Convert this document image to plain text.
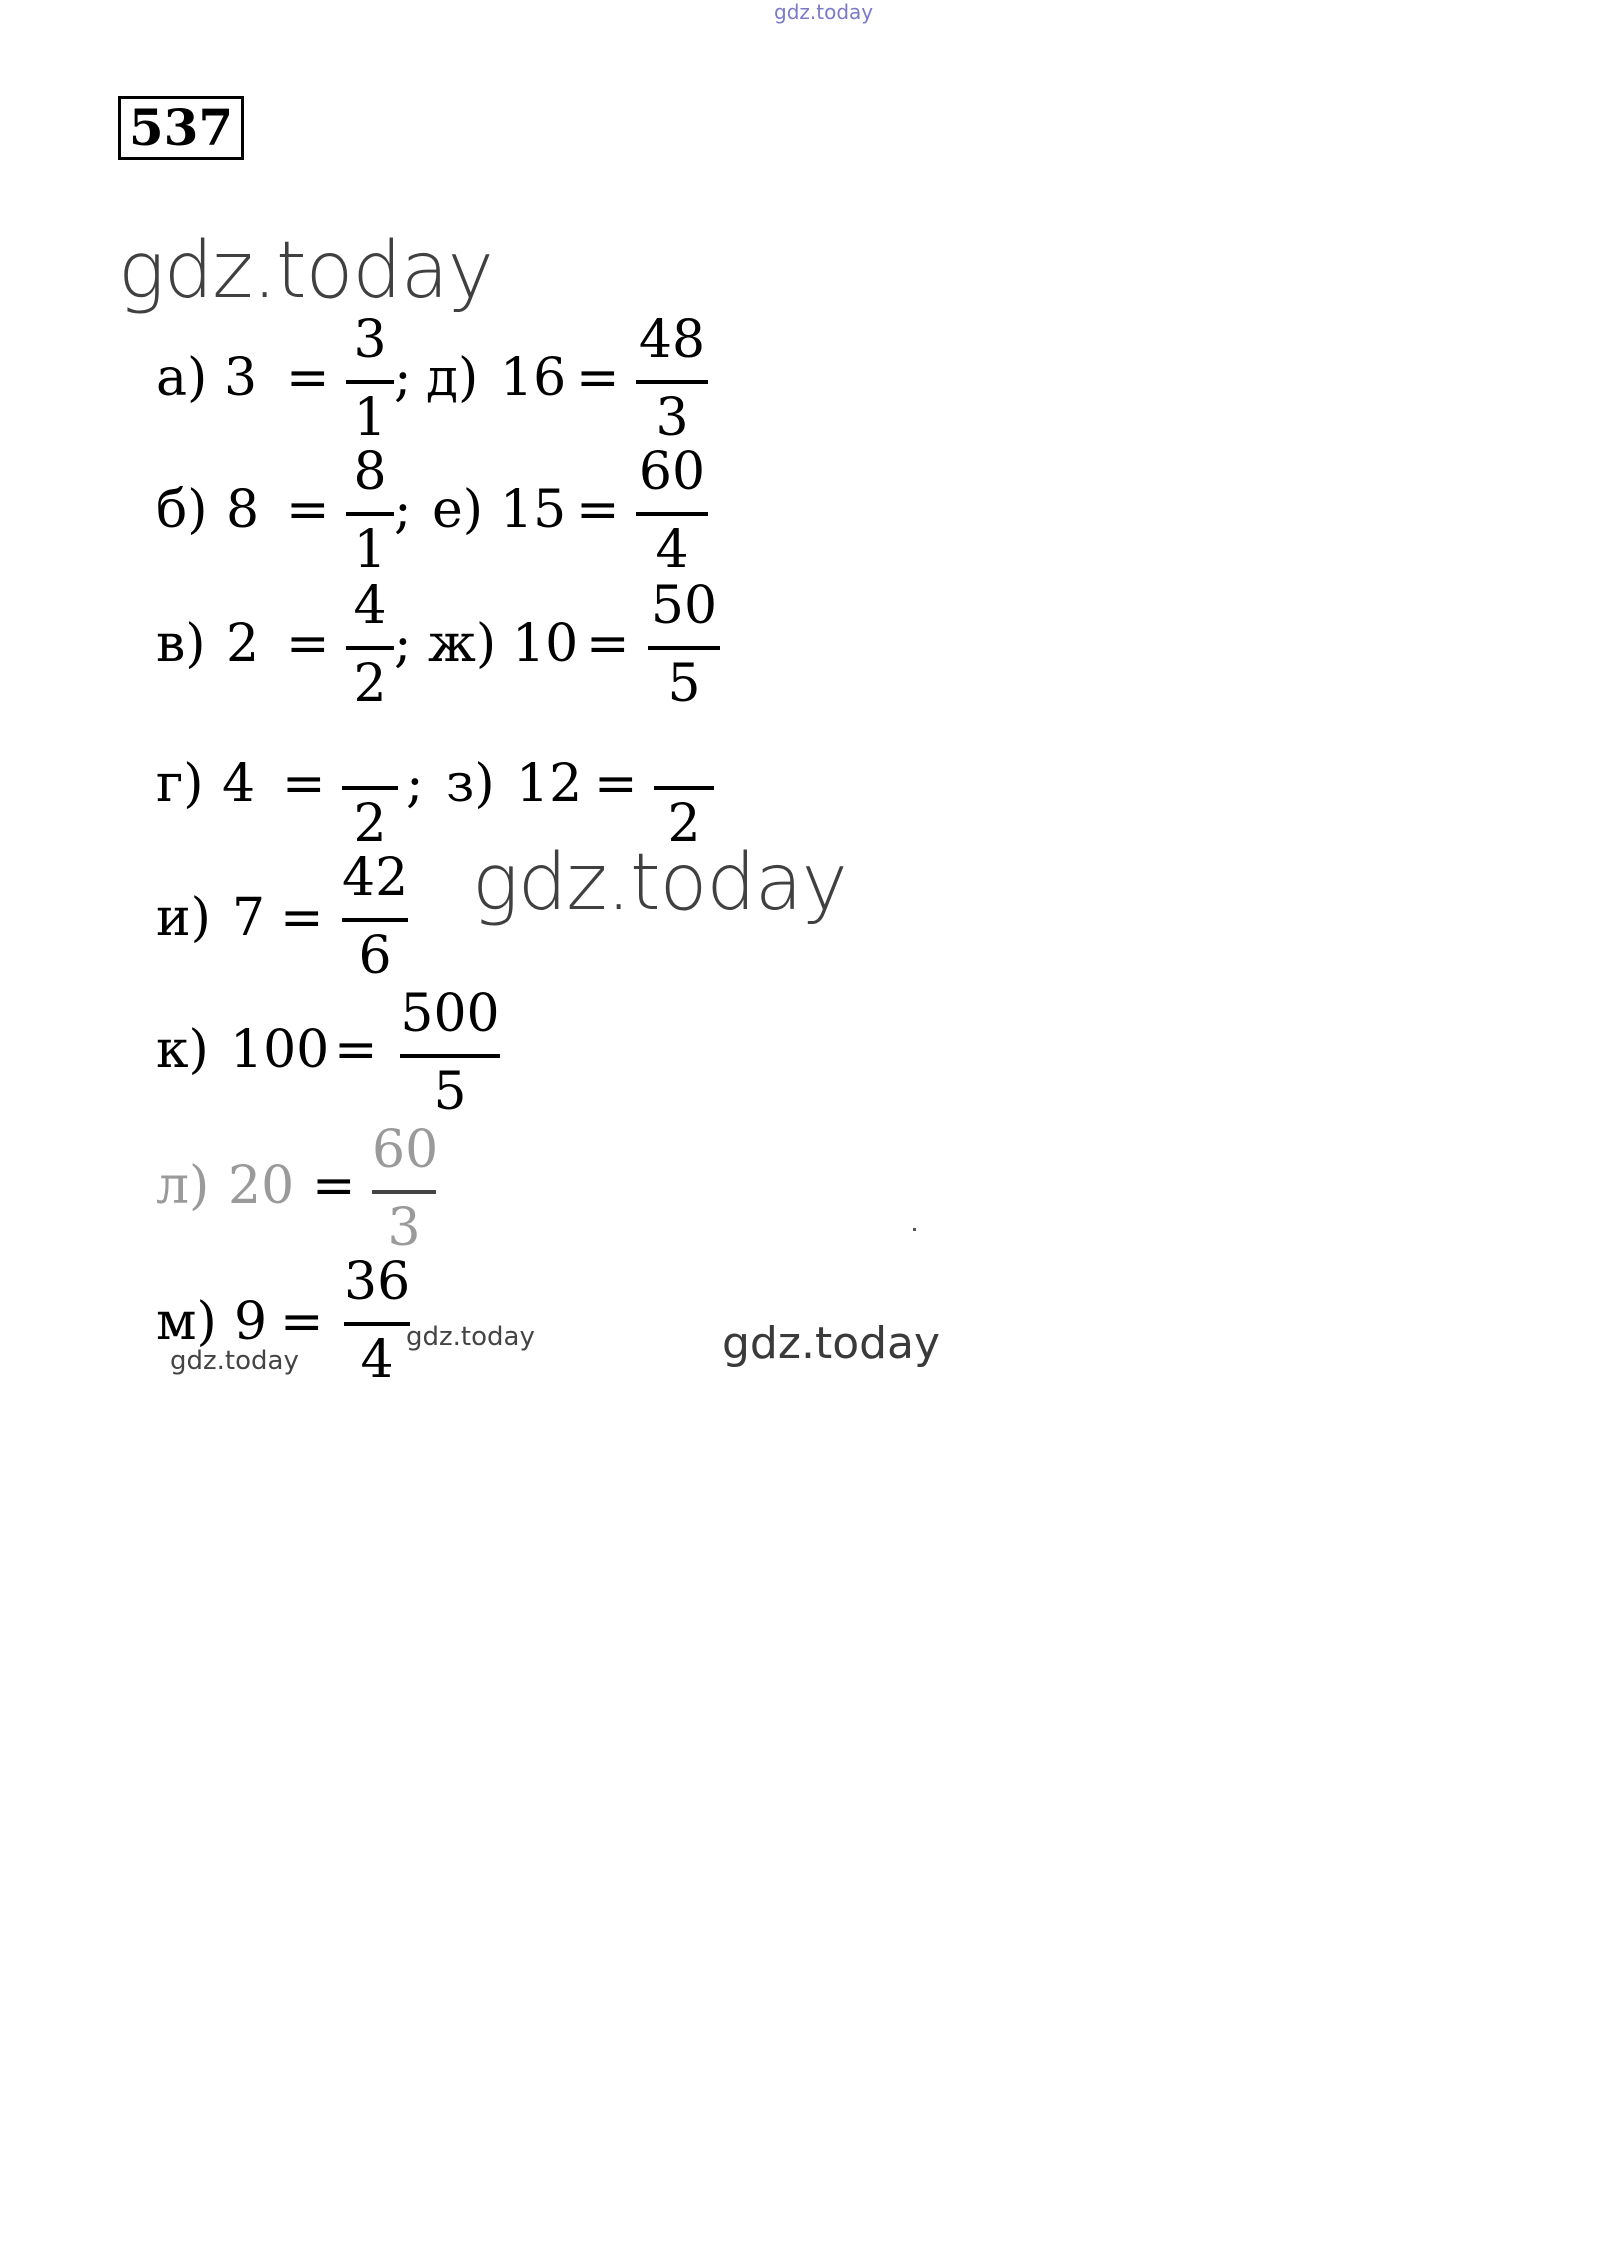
gdz.today
gdz.today
gdz.today
gdz.today
gdz.today	gdz.today
537
а) 3 =
3
1
; д) 16 =
48
3
б) 8 =
8
1
; е) 15 =
60
4
в) 2 =
4
2
; ж) 10 =
50
5
г) 4 =
2
; з) 12 =
2
и) 7 =
42
6
к) 100 =
500
5
л) 20 =
60
3
м) 9 =
36
4
